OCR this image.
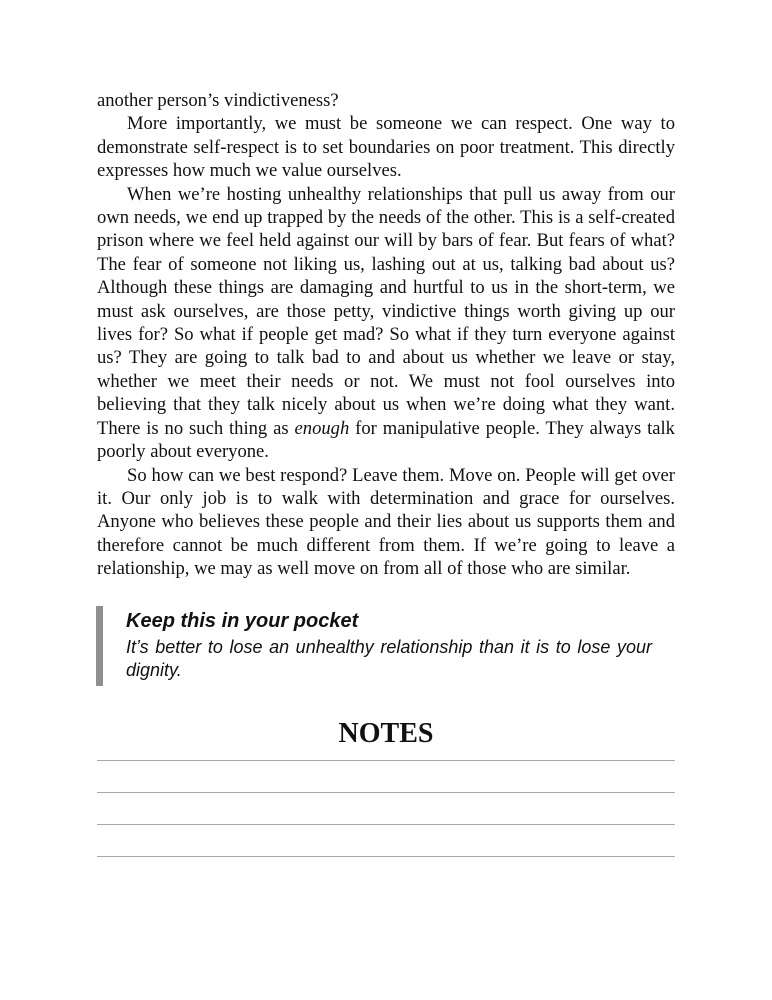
another person’s vindictiveness?

More importantly, we must be someone we can respect. One way to demonstrate self-respect is to set boundaries on poor treatment. This directly expresses how much we value ourselves.

When we’re hosting unhealthy relationships that pull us away from our own needs, we end up trapped by the needs of the other. This is a self-created prison where we feel held against our will by bars of fear. But fears of what? The fear of someone not liking us, lashing out at us, talking bad about us? Although these things are damaging and hurtful to us in the short-term, we must ask ourselves, are those petty, vindictive things worth giving up our lives for? So what if people get mad? So what if they turn everyone against us? They are going to talk bad to and about us whether we leave or stay, whether we meet their needs or not. We must not fool ourselves into believing that they talk nicely about us when we’re doing what they want. There is no such thing as enough for manipulative people. They always talk poorly about everyone.

So how can we best respond? Leave them. Move on. People will get over it. Our only job is to walk with determination and grace for ourselves. Anyone who believes these people and their lies about us supports them and therefore cannot be much different from them. If we’re going to leave a relationship, we may as well move on from all of those who are similar.

Keep this in your pocket
It’s better to lose an unhealthy relationship than it is to lose your dignity.
NOTES
